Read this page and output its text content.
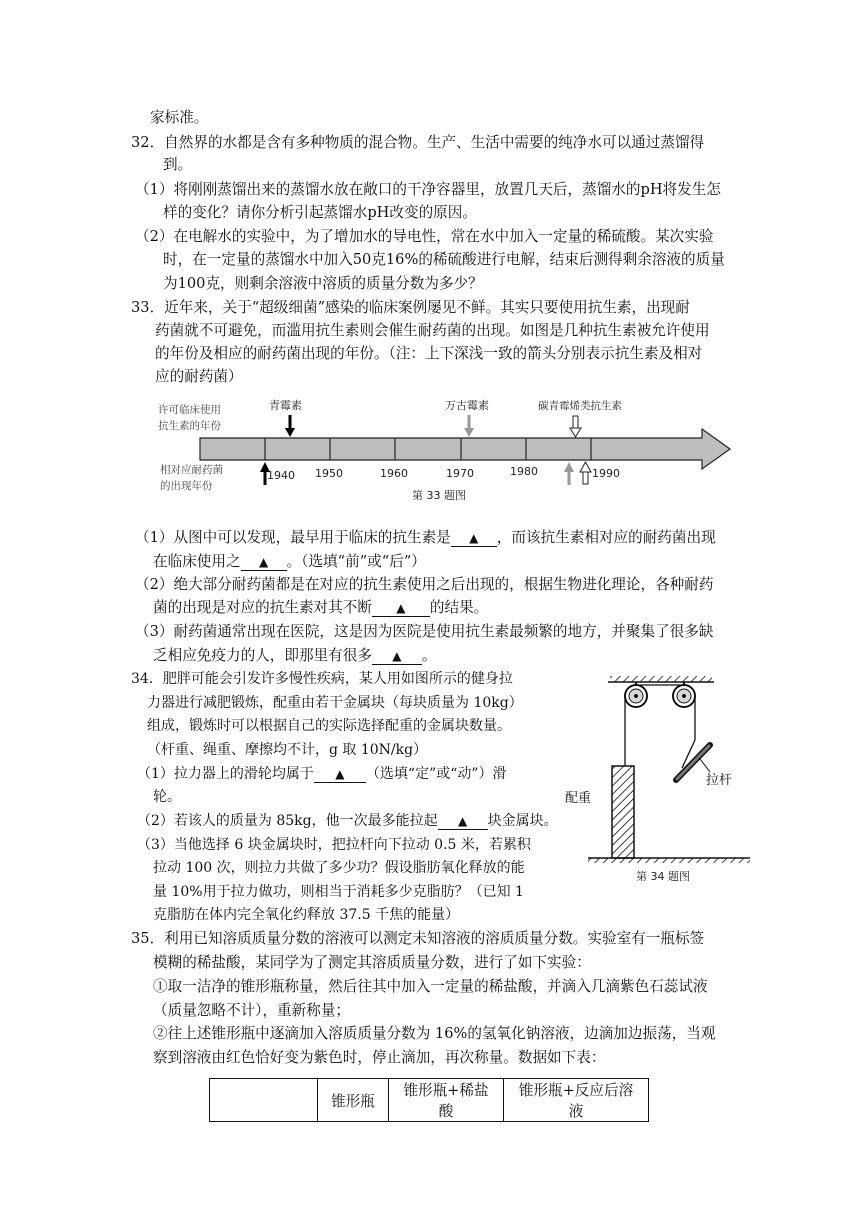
家标准。
32．自然界的水都是含有多种物质的混合物。生产、生活中需要的纯净水可以通过蒸馏得
到。
（1）将刚刚蒸馏出来的蒸馏水放在敞口的干净容器里，放置几天后，蒸馏水的pH将发生怎
样的变化？请你分析引起蒸馏水pH改变的原因。
（2）在电解水的实验中，为了增加水的导电性，常在水中加入一定量的稀硫酸。某次实验
时，在一定量的蒸馏水中加入50克16%的稀硫酸进行电解，结束后测得剩余溶液的质量
为100克，则剩余溶液中溶质的质量分数为多少？
33．近年来，关于“超级细菌”感染的临床案例屡见不鲜。其实只要使用抗生素，出现耐
药菌就不可避免，而滥用抗生素则会催生耐药菌的出现。如图是几种抗生素被允许使用
的年份及相应的耐药菌出现的年份。（注：上下深浅一致的箭头分别表示抗生素及相对
应的耐药菌）
许可临床使用
抗生素的年份
相对应耐药菌
的出现年份
青霉素	万古霉素	碳青霉烯类抗生素
1940 1950	1960	1970	1980	1990
第 33 题图
（1）从图中可以发现，最早用于临床的抗生素是 ▲ ，而该抗生素相对应的耐药菌出现
在临床使用之 ▲ 。（选填“前”或“后”）
（2）绝大部分耐药菌都是在对应的抗生素使用之后出现的，根据生物进化理论，各种耐药
菌的出现是对应的抗生素对其不断 ▲ 的结果。
（3）耐药菌通常出现在医院，这是因为医院是使用抗生素最频繁的地方，并聚集了很多缺
乏相应免疫力的人，即那里有很多 ▲ 。
34．肥胖可能会引发许多慢性疾病，某人用如图所示的健身拉
力器进行减肥锻炼，配重由若干金属块（每块质量为 10kg）
组成，锻炼时可以根据自己的实际选择配重的金属块数量。
（杆重、绳重、摩擦均不计，g 取 10N/kg）
（1）拉力器上的滑轮均属于 ▲ （选填“定”或“动”）滑
轮。
（2）若该人的质量为 85kg，他一次最多能拉起 ▲ 块金属块。
（3）当他选择 6 块金属块时，把拉杆向下拉动 0.5 米，若累积
拉动 100 次，则拉力共做了多少功？假设脂肪氧化释放的能
量 10%用于拉力做功，则相当于消耗多少克脂肪？（已知 1
克脂肪在体内完全氧化约释放 37.5 千焦的能量）
拉杆
配重
第 34 题图
35．利用已知溶质质量分数的溶液可以测定未知溶液的溶质质量分数。实验室有一瓶标签
模糊的稀盐酸，某同学为了测定其溶质质量分数，进行了如下实验：
①取一洁净的锥形瓶称量，然后往其中加入一定量的稀盐酸，并滴入几滴紫色石蕊试液
（质量忽略不计），重新称量；
②往上述锥形瓶中逐滴加入溶质质量分数为 16%的氢氧化钠溶液，边滴加边振荡，当观
察到溶液由红色恰好变为紫色时，停止滴加，再次称量。数据如下表：
	锥形瓶	锥形瓶+稀盐酸	锥形瓶+反应后溶液
